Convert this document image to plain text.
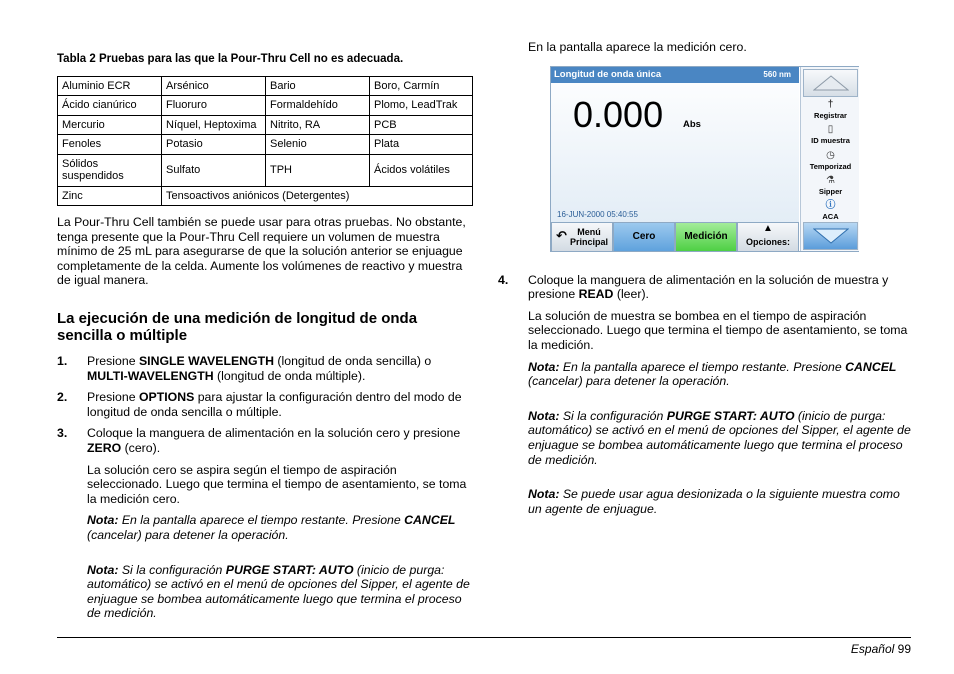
Tabla 2 Pruebas para las que la Pour-Thru Cell no es adecuada.
Aluminio ECR	Arsénico	Bario	Boro, Carmín
Ácido cianúrico	Fluoruro	Formaldehído	Plomo, LeadTrak
Mercurio	Níquel, Heptoxima	Nitrito, RA	PCB
Fenoles	Potasio	Selenio	Plata
Sólidos suspendidos	Sulfato	TPH	Ácidos volátiles
Zinc	Tensoactivos aniónicos (Detergentes)		

La Pour-Thru Cell también se puede usar para otras pruebas. No obstante, tenga presente que la Pour-Thru Cell requiere un volumen de muestra mínimo de 25 mL para asegurarse de que la solución anterior se enjuague completamente de la celda. Aumente los volúmenes de reactivo y muestra de igual manera.

La ejecución de una medición de longitud de onda sencilla o múltiple
1. Presione SINGLE WAVELENGTH (longitud de onda sencilla) o MULTI-WAVELENGTH (longitud de onda múltiple).
2. Presione OPTIONS para ajustar la configuración dentro del modo de longitud de onda sencilla o múltiple.
3. Coloque la manguera de alimentación en la solución cero y presione ZERO (cero).

La solución cero se aspira según el tiempo de aspiración seleccionado. Luego que termina el tiempo de asentamiento, se toma la medición cero.

Nota: En la pantalla aparece el tiempo restante. Presione CANCEL (cancelar) para detener la operación.

Nota: Si la configuración PURGE START: AUTO (inicio de purga: automático) se activó en el menú de opciones del Sipper, el agente de enjuague se bombea automáticamente luego que termina el proceso de medición.

En la pantalla aparece la medición cero.

4. Coloque la manguera de alimentación en la solución de muestra y presione READ (leer).

La solución de muestra se bombea en el tiempo de aspiración seleccionado. Luego que termina el tiempo de asentamiento, se toma la medición.

Nota: En la pantalla aparece el tiempo restante. Presione CANCEL (cancelar) para detener la operación.

Nota: Si la configuración PURGE START: AUTO (inicio de purga: automático) se activó en el menú de opciones del Sipper, el agente de enjuague se bombea automáticamente luego que termina el proceso de medición.

Nota: Se puede usar agua desionizada o la siguiente muestra como un agente de enjuague.

Longitud de onda única	560 nm
0.000 Abs
16-JUN-2000 05:40:55
†
Registrar
▯
ID muestra
◷
Temporizad
⚗
Sipper
ⓘ
ACA
↶ Menú
Principal	Cero	Medición
▲
Opciones:
Español 99
